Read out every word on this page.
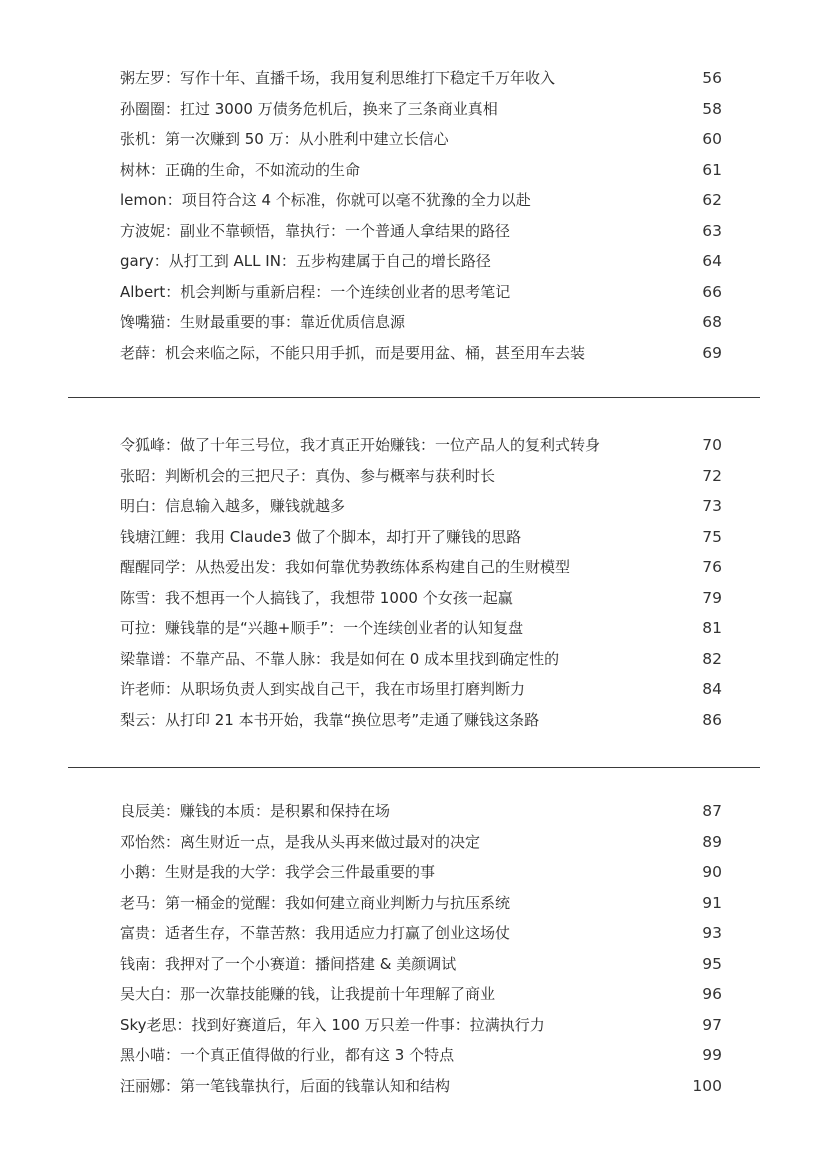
粥左罗：写作十年、直播千场，我用复利思维打下稳定千万年收入	56
孙圈圈：扛过 3000 万债务危机后，换来了三条商业真相	58
张机：第一次赚到 50 万：从小胜利中建立长信心	60
树林：正确的生命，不如流动的生命	61
lemon：项目符合这 4 个标准，你就可以毫不犹豫的全力以赴	62
方波妮：副业不靠顿悟，靠执行：一个普通人拿结果的路径	63
gary：从打工到 ALL IN：五步构建属于自己的增长路径	64
Albert：机会判断与重新启程：一个连续创业者的思考笔记	66
馋嘴猫：生财最重要的事：靠近优质信息源	68
老薛：机会来临之际，不能只用手抓，而是要用盆、桶，甚至用车去装	69
令狐峰：做了十年三号位，我才真正开始赚钱：一位产品人的复利式转身	70
张昭：判断机会的三把尺子：真伪、参与概率与获利时长	72
明白：信息输入越多，赚钱就越多	73
钱塘江鲤：我用 Claude3 做了个脚本，却打开了赚钱的思路	75
醒醒同学：从热爱出发：我如何靠优势教练体系构建自己的生财模型	76
陈雪：我不想再一个人搞钱了，我想带 1000 个女孩一起赢	79
可拉：赚钱靠的是“兴趣+顺手”：一个连续创业者的认知复盘	81
梁靠谱：不靠产品、不靠人脉：我是如何在 0 成本里找到确定性的	82
许老师：从职场负责人到实战自己干，我在市场里打磨判断力	84
梨云：从打印 21 本书开始，我靠“换位思考”走通了赚钱这条路	86
良辰美：赚钱的本质：是积累和保持在场	87
邓怡然：离生财近一点，是我从头再来做过最对的决定	89
小鹅：生财是我的大学：我学会三件最重要的事	90
老马：第一桶金的觉醒：我如何建立商业判断力与抗压系统	91
富贵：适者生存，不靠苦熬：我用适应力打赢了创业这场仗	93
钱南：我押对了一个小赛道：播间搭建 & 美颜调试	95
吴大白：那一次靠技能赚的钱，让我提前十年理解了商业	96
Sky老思：找到好赛道后，年入 100 万只差一件事：拉满执行力	97
黑小喵：一个真正值得做的行业，都有这 3 个特点	99
汪丽娜：第一笔钱靠执行，后面的钱靠认知和结构	100
